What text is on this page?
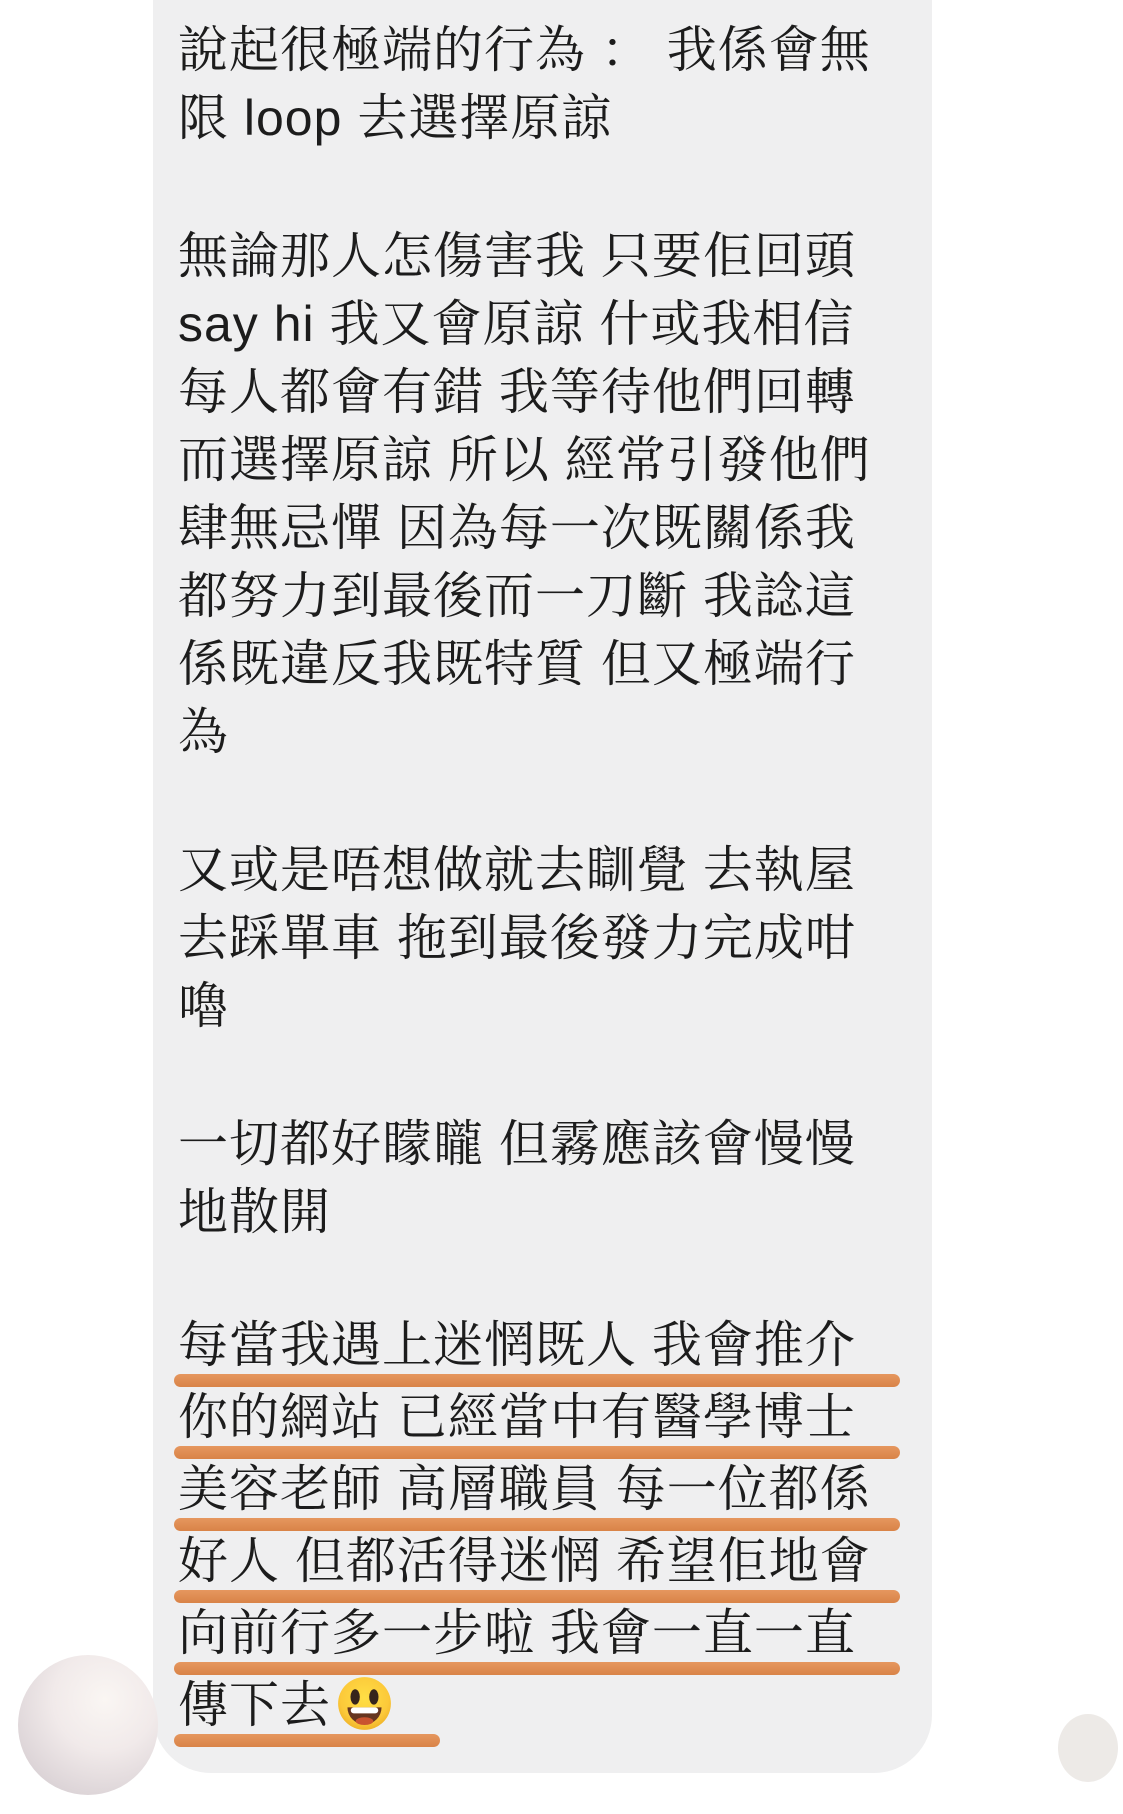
說起很極端的行為 ： 我係會無
限 loop 去選擇原諒
無論那人怎傷害我 只要佢回頭
say hi 我又會原諒 什或我相信
每人都會有錯 我等待他們回轉
而選擇原諒 所以 經常引發他們
肆無忌憚 因為每一次既關係我
都努力到最後而一刀斷 我諗這
係既違反我既特質 但又極端行
為
又或是唔想做就去瞓覺 去執屋
去踩單車 拖到最後發力完成咁
嚕
一切都好矇矓 但霧應該會慢慢
地散開
每當我遇上迷惘既人 我會推介
你的網站 已經當中有醫學博士
美容老師 高層職員 每一位都係
好人 但都活得迷惘 希望佢地會
向前行多一步啦 我會一直一直
傳下去
